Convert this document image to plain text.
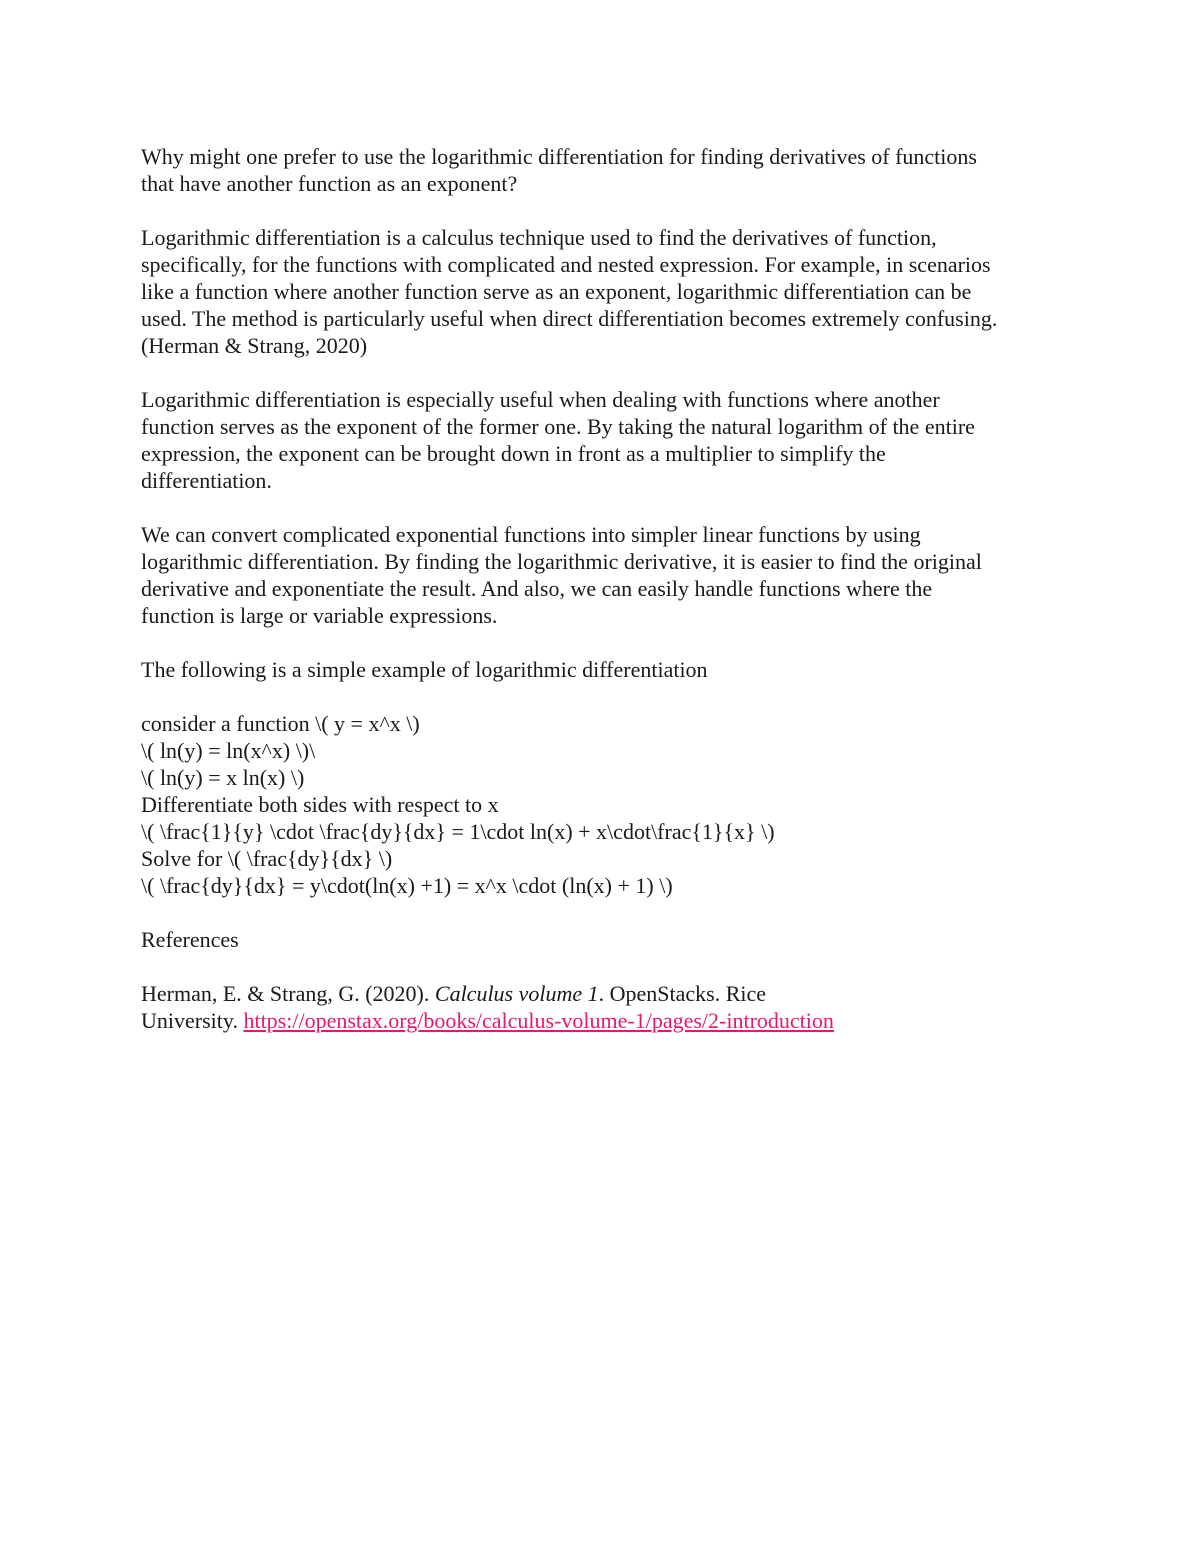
Why might one prefer to use the logarithmic differentiation for finding derivatives of functions
that have another function as an exponent?
Logarithmic differentiation is a calculus technique used to find the derivatives of function,
specifically, for the functions with complicated and nested expression. For example, in scenarios
like a function where another function serve as an exponent, logarithmic differentiation can be
used. The method is particularly useful when direct differentiation becomes extremely confusing.
(Herman & Strang, 2020)
Logarithmic differentiation is especially useful when dealing with functions where another
function serves as the exponent of the former one. By taking the natural logarithm of the entire
expression, the exponent can be brought down in front as a multiplier to simplify the
differentiation.
We can convert complicated exponential functions into simpler linear functions by using
logarithmic differentiation. By finding the logarithmic derivative, it is easier to find the original
derivative and exponentiate the result. And also, we can easily handle functions where the
function is large or variable expressions.
The following is a simple example of logarithmic differentiation
consider a function \( y = x^x \)
\( ln(y) = ln(x^x) \)\
\( ln(y) = x ln(x) \)
Differentiate both sides with respect to x
\( \frac{1}{y} \cdot \frac{dy}{dx} = 1\cdot ln(x) + x\cdot\frac{1}{x} \)
Solve for \( \frac{dy}{dx} \)
\( \frac{dy}{dx} = y\cdot(ln(x) +1) = x^x \cdot (ln(x) + 1) \)
References
Herman, E. & Strang, G. (2020). Calculus volume 1. OpenStacks. Rice
University. https://openstax.org/books/calculus-volume-1/pages/2-introduction
